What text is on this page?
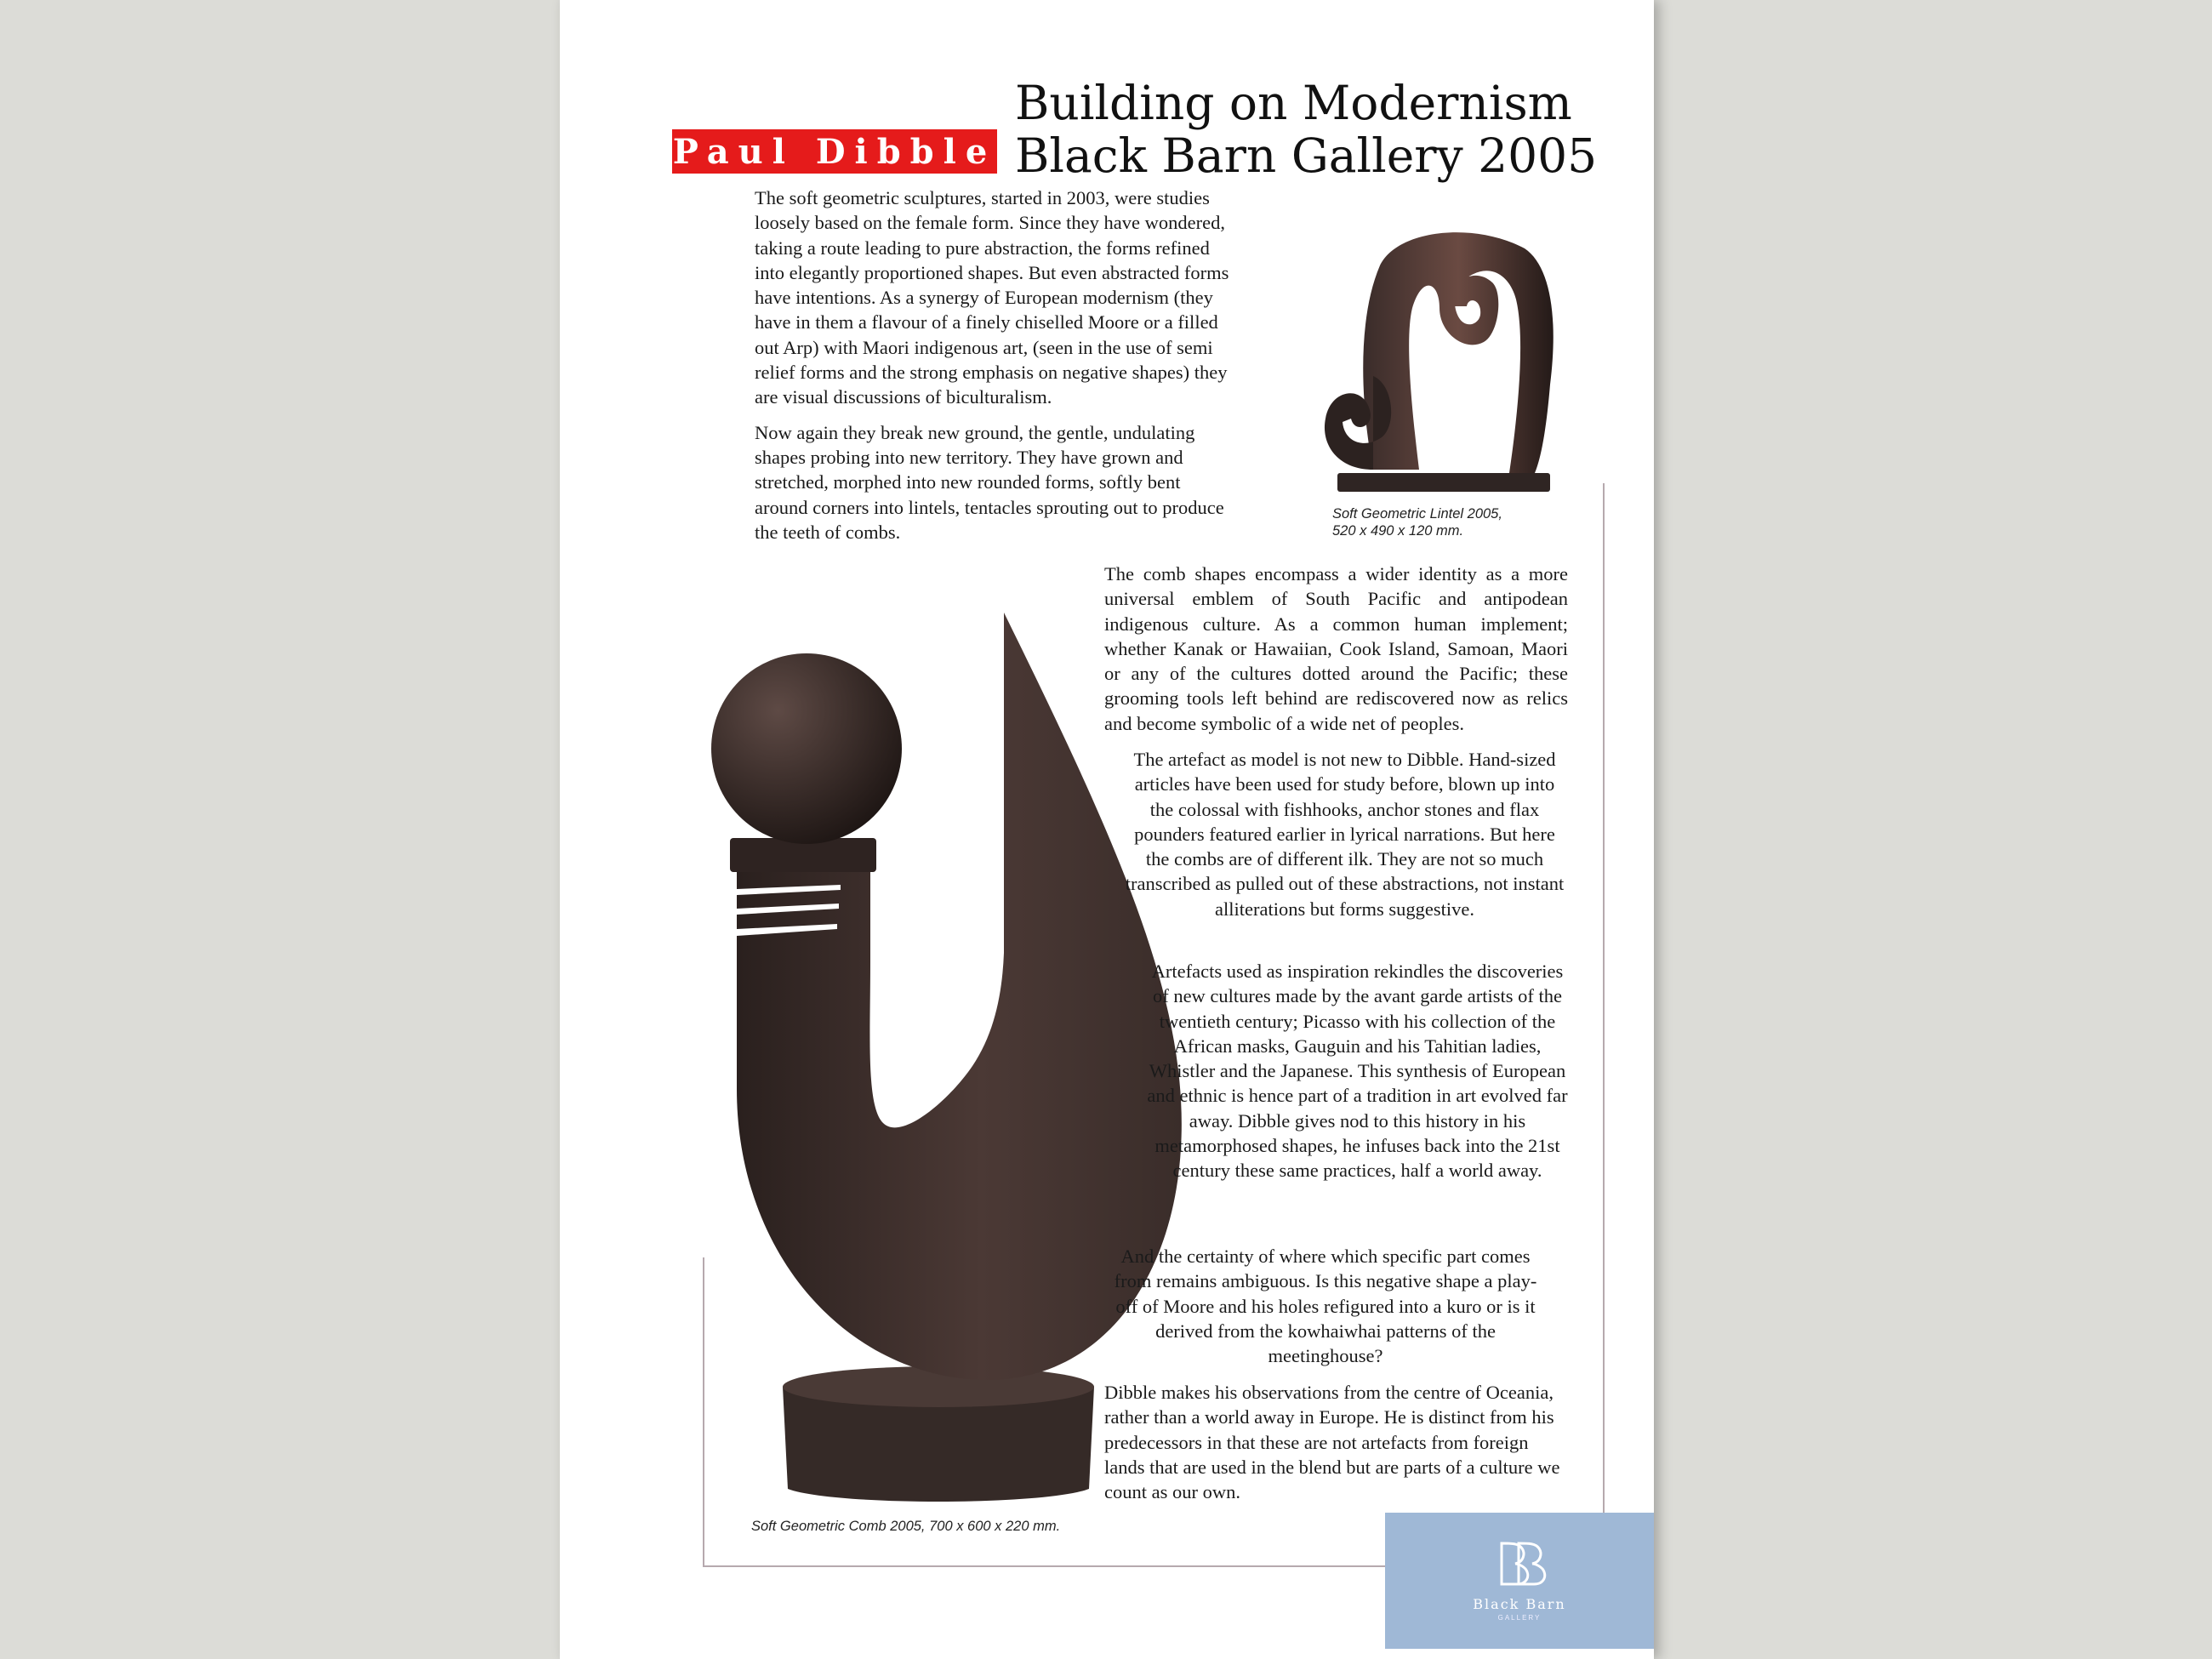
Paul Dibble
Building on Modernism
Black Barn Gallery 2005

The soft geometric sculptures, started in 2003, were studies loosely based on the female form. Since they have wondered, taking a route leading to pure abstraction, the forms refined into elegantly proportioned shapes. But even abstracted forms have intentions. As a synergy of European modernism (they have in them a flavour of a finely chiselled Moore or a filled out Arp) with Maori indigenous art, (seen in the use of semi relief forms and the strong emphasis on negative shapes) they are visual discussions of biculturalism.

Now again they break new ground, the gentle, undulating shapes probing into new territory. They have grown and stretched, morphed into new rounded forms, softly bent around corners into lintels, tentacles sprouting out to produce the teeth of combs.

Soft Geometric Lintel 2005,
520 x 490 x 120 mm.
Soft Geometric Comb 2005, 700 x 600 x 220 mm.

The comb shapes encompass a wider identity as a more universal emblem of South Pacific and antipodean indigenous culture. As a common human implement; whether Kanak or Hawaiian, Cook Island, Samoan, Maori or any of the cultures dotted around the Pacific; these grooming tools left behind are rediscovered now as relics and become symbolic of a wide net of peoples.

The artefact as model is not new to Dibble. Hand-sized articles have been used for study before, blown up into the colossal with fishhooks, anchor stones and flax pounders featured earlier in lyrical narrations. But here the combs are of different ilk. They are not so much transcribed as pulled out of these abstractions, not instant alliterations but forms suggestive.

Artefacts used as inspiration rekindles the discoveries of new cultures made by the avant garde artists of the twentieth century; Picasso with his collection of the African masks, Gauguin and his Tahitian ladies, Whistler and the Japanese. This synthesis of European and ethnic is hence part of a tradition in art evolved far away. Dibble gives nod to this history in his metamorphosed shapes, he infuses back into the 21st century these same practices, half a world away.

And the certainty of where which specific part comes from remains ambiguous. Is this negative shape a play-off of Moore and his holes refigured into a kuro or is it derived from the kowhaiwhai patterns of the meetinghouse?

Dibble makes his observations from the centre of Oceania, rather than a world away in Europe. He is distinct from his predecessors in that these are not artefacts from foreign lands that are used in the blend but are parts of a culture we count as our own.

Black Barn
GALLERY
